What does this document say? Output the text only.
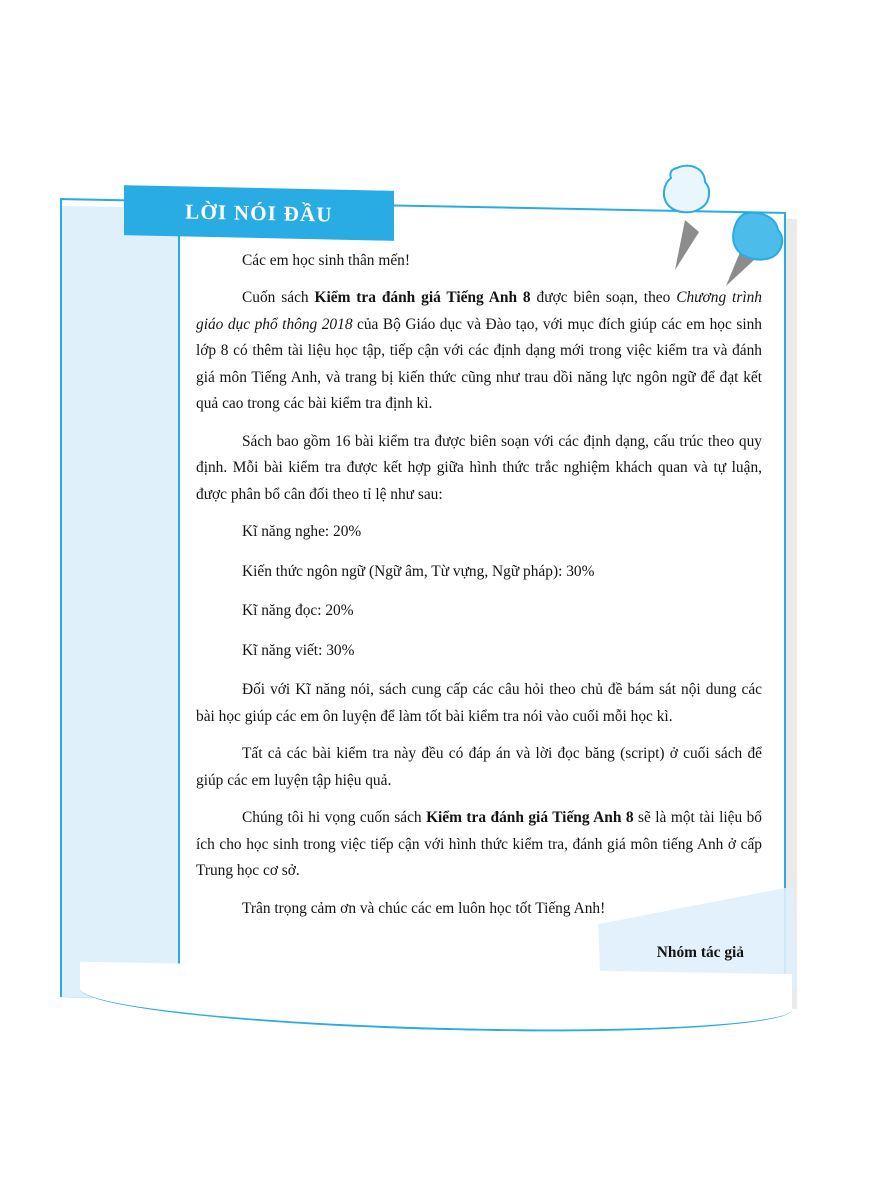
LỜI NÓI ĐẦU

Các em học sinh thân mến!

Cuốn sách Kiểm tra đánh giá Tiếng Anh 8 được biên soạn, theo Chương trình giáo dục phổ thông 2018 của Bộ Giáo dục và Đào tạo, với mục đích giúp các em học sinh lớp 8 có thêm tài liệu học tập, tiếp cận với các định dạng mới trong việc kiểm tra và đánh giá môn Tiếng Anh, và trang bị kiến thức cũng như trau dồi năng lực ngôn ngữ để đạt kết quả cao trong các bài kiểm tra định kì.

Sách bao gồm 16 bài kiểm tra được biên soạn với các định dạng, cấu trúc theo quy định. Mỗi bài kiểm tra được kết hợp giữa hình thức trắc nghiệm khách quan và tự luận, được phân bổ cân đối theo tỉ lệ như sau:

Kĩ năng nghe: 20%

Kiến thức ngôn ngữ (Ngữ âm, Từ vựng, Ngữ pháp): 30%

Kĩ năng đọc: 20%

Kĩ năng viết: 30%

Đối với Kĩ năng nói, sách cung cấp các câu hỏi theo chủ đề bám sát nội dung các bài học giúp các em ôn luyện để làm tốt bài kiểm tra nói vào cuối mỗi học kì.

Tất cả các bài kiểm tra này đều có đáp án và lời đọc băng (script) ở cuối sách để giúp các em luyện tập hiệu quả.

Chúng tôi hi vọng cuốn sách Kiểm tra đánh giá Tiếng Anh 8 sẽ là một tài liệu bổ ích cho học sinh trong việc tiếp cận với hình thức kiểm tra, đánh giá môn tiếng Anh ở cấp Trung học cơ sở.

Trân trọng cảm ơn và chúc các em luôn học tốt Tiếng Anh!

Nhóm tác giả
